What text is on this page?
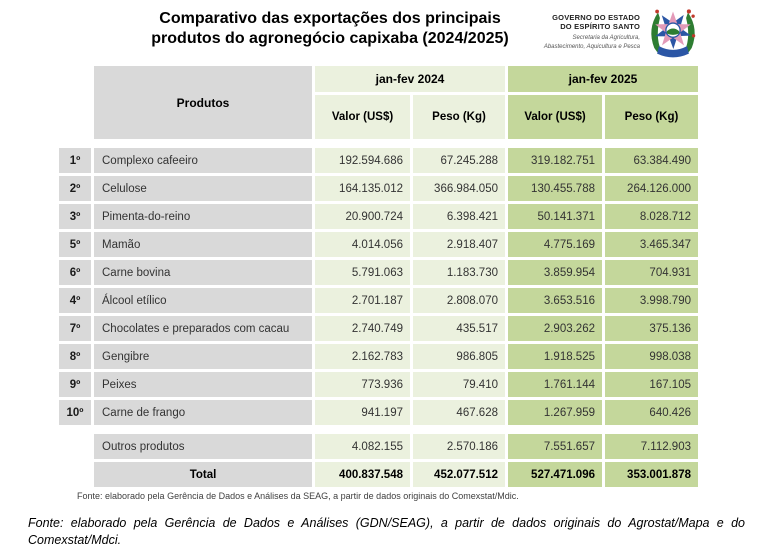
Comparativo das exportações dos principais
produtos do agronegócio capixaba (2024/2025)
GOVERNO DO ESTADO
DO ESPÍRITO SANTO
Secretaria da Agricultura,
Abastecimento, Aquicultura e Pesca
	Produtos	jan-fev 2024		jan-fev 2025	
		Valor (US$)	Peso (Kg)	Valor (US$)	Peso (Kg)

1º	Complexo cafeeiro	192.594.686	67.245.288	319.182.751	63.384.490
2º	Celulose	164.135.012	366.984.050	130.455.788	264.126.000
3º	Pimenta-do-reino	20.900.724	6.398.421	50.141.371	8.028.712
5º	Mamão	4.014.056	2.918.407	4.775.169	3.465.347
6º	Carne bovina	5.791.063	1.183.730	3.859.954	704.931
4º	Álcool etílico	2.701.187	2.808.070	3.653.516	3.998.790
7º	Chocolates e preparados com cacau	2.740.749	435.517	2.903.262	375.136
8º	Gengibre	2.162.783	986.805	1.918.525	998.038
9º	Peixes	773.936	79.410	1.761.144	167.105
10º	Carne de frango	941.197	467.628	1.267.959	640.426

	Outros produtos	4.082.155	2.570.186	7.551.657	7.112.903
	Total	400.837.548	452.077.512	527.471.096	353.001.878
Fonte: elaborado pela Gerência de Dados e Análises da SEAG, a partir de dados originais do Comexstat/Mdic.
Fonte: elaborado pela Gerência de Dados e Análises (GDN/SEAG), a partir de dados originais do Agrostat/Mapa e do
Comexstat/Mdci.
